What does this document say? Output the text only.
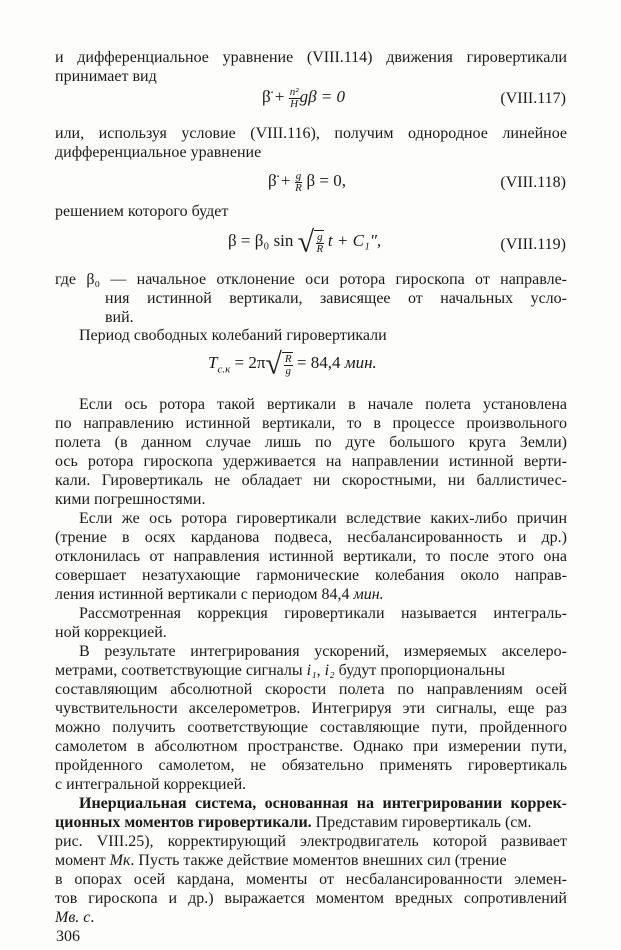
и дифференциальное уравнение (VIII.114) движения гировертикали
принимает вид
β̈ + $\frac{\text{n²}}{H}$ gβ = 0	(VIII.117)
или, используя условие (VIII.116), получим однородное линейное
дифференциальное уравнение
β̈ + $\frac{g}{R}$ β = 0,	(VIII.118)
решением которого будет
β = β₀ sin √ $\frac{g}{R}$ t + C₁″,	(VIII.119)
где β₀ — начальное отклонение оси ротора гироскопа от направле-
ния истинной вертикали, зависящее от начальных усло-
вий.
Период свободных колебаний гировертикали
$T_{с.к} = 2\pi√ \frac{R}{g} = 84,4$ мин.
Если ось ротора такой вертикали в начале полета установлена
по направлению истинной вертикали, то в процессе произвольного
полета (в данном случае лишь по дуге большого круга Земли)
ось ротора гироскопа удерживается на направлении истинной верти-
кали. Гировертикаль не обладает ни скоростными, ни баллистичес-
кими погрешностями.
Если же ось ротора гировертикали вследствие каких-либо причин
(трение в осях карданова подвеса, несбалансированность и др.)
отклонилась от направления истинной вертикали, то после этого она
совершает незатухающие гармонические колебания около направ-
ления истинной вертикали с периодом 84,4 мин.
Рассмотренная коррекция гировертикали называется интеграль-
ной коррекцией.
В результате интегрирования ускорений, измеряемых акселеро-
метрами, соответствующие сигналы i₁, i₂ будут пропорциональны
составляющим абсолютной скорости полета по направлениям осей
чувствительности акселерометров. Интегрируя эти сигналы, еще раз
можно получить соответствующие составляющие пути, пройденного
самолетом в абсолютном пространстве. Однако при измерении пути,
пройденного самолетом, не обязательно применять гировертикаль
с интегральной коррекцией.
Инерциальная система, основанная на интегрировании коррек-
ционных моментов гировертикали. Представим гировертикаль (см.
рис. VIII.25), корректирующий электродвигатель которой развивает
момент Mк. Пусть также действие моментов внешних сил (трение
в опорах осей кардана, моменты от несбалансированности элемен-
тов гироскопа и др.) выражается моментом вредных сопротивлений
Mв. с.
306
